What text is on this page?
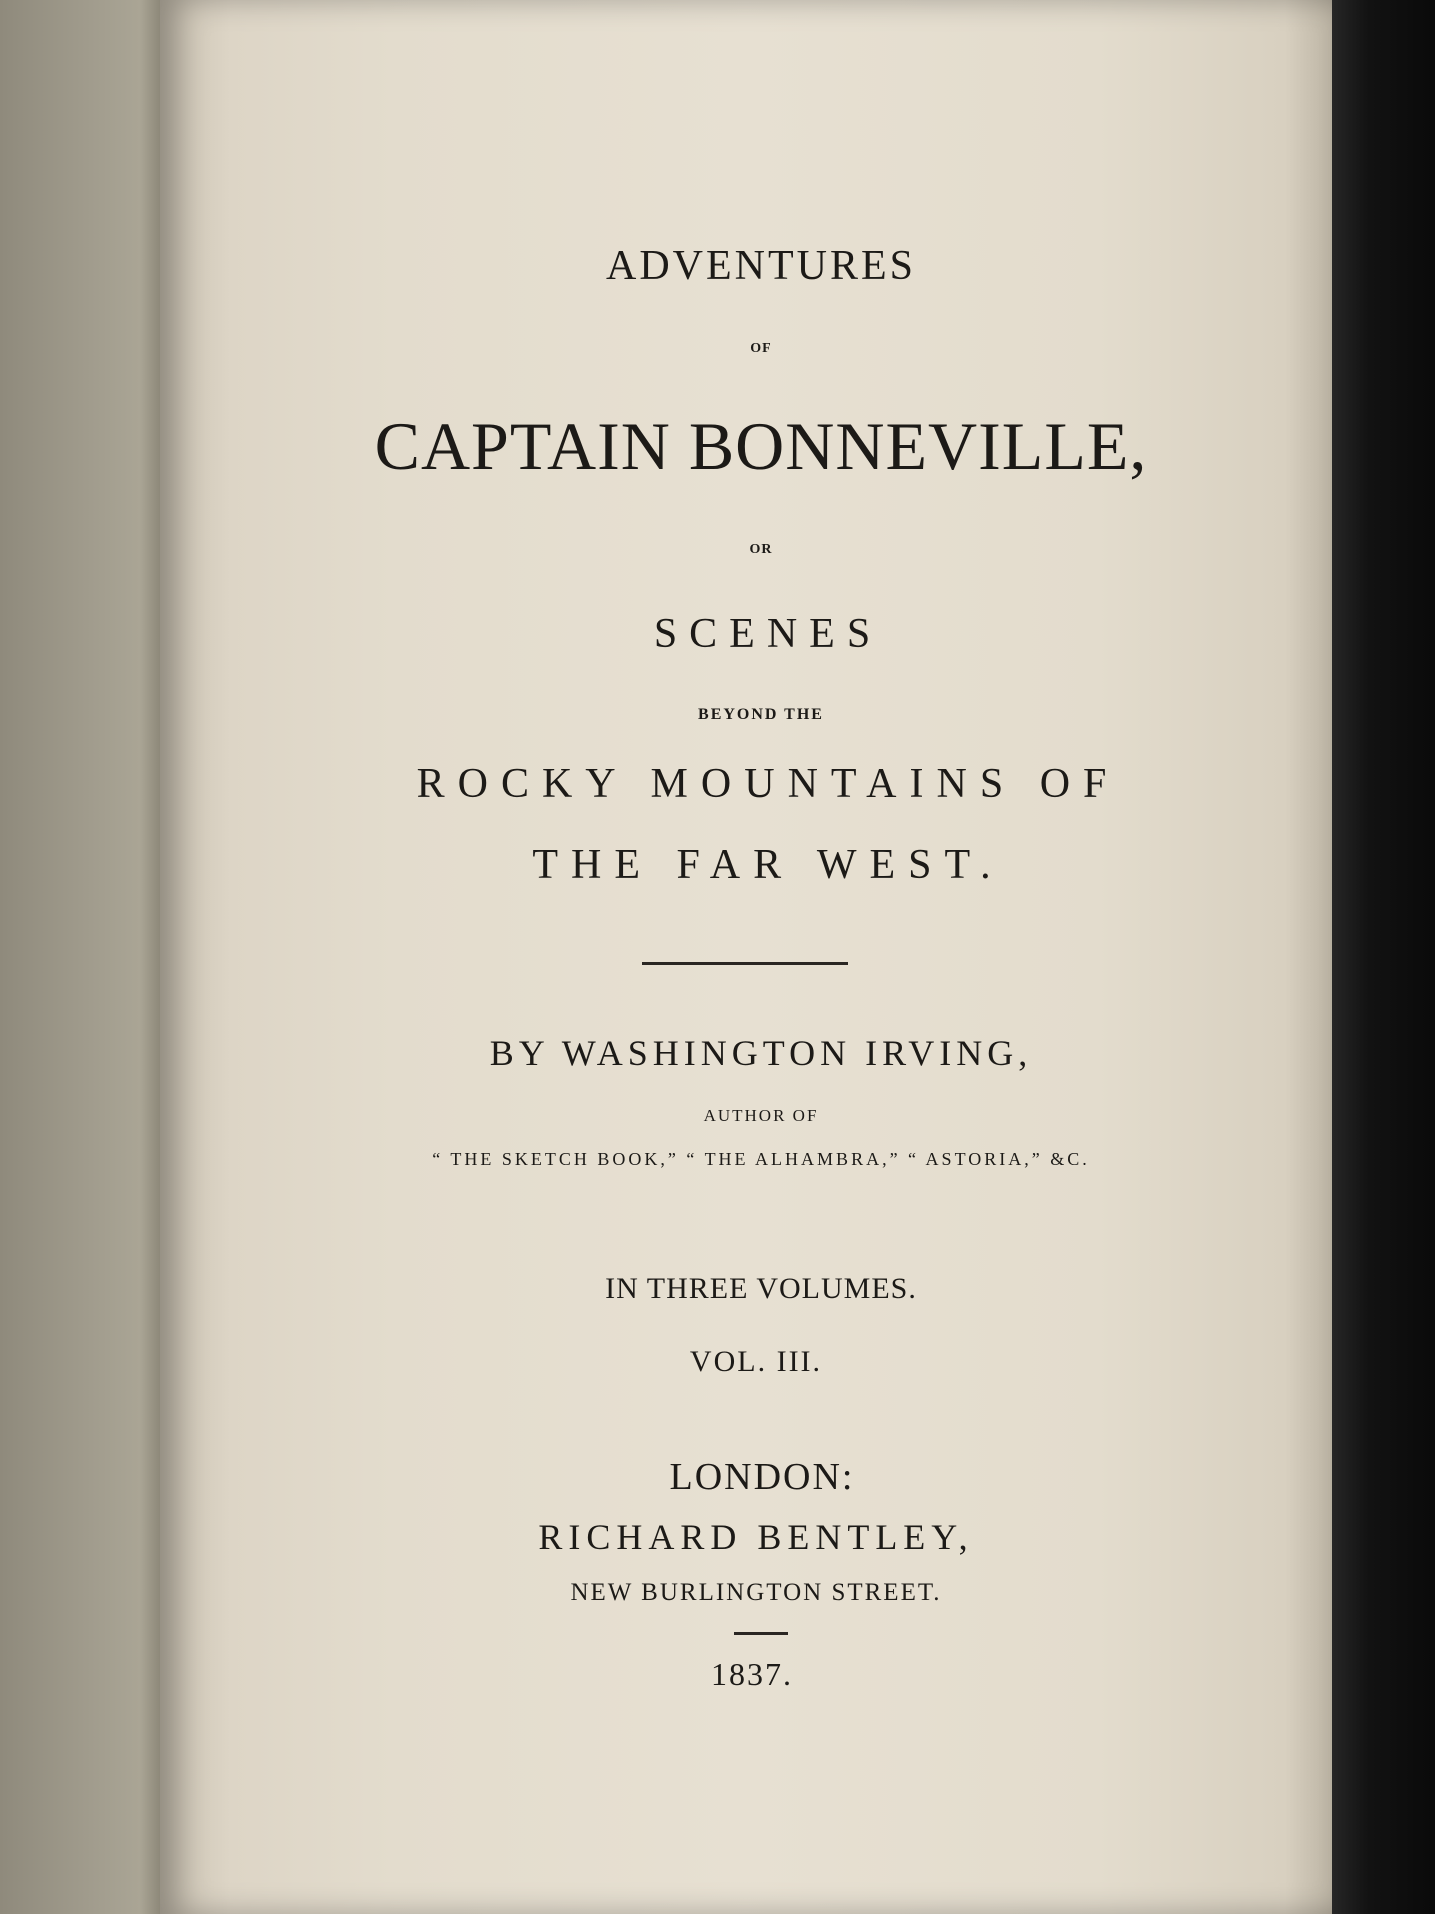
ADVENTURES
OF
CAPTAIN BONNEVILLE,
OR
SCENES
BEYOND THE
ROCKY MOUNTAINS OF
THE FAR WEST.
BY WASHINGTON IRVING,
AUTHOR OF
“ THE SKETCH BOOK,” “ THE ALHAMBRA,” “ ASTORIA,” &C.
IN THREE VOLUMES.
VOL. III.
LONDON:
RICHARD BENTLEY,
NEW BURLINGTON STREET.
1837.
